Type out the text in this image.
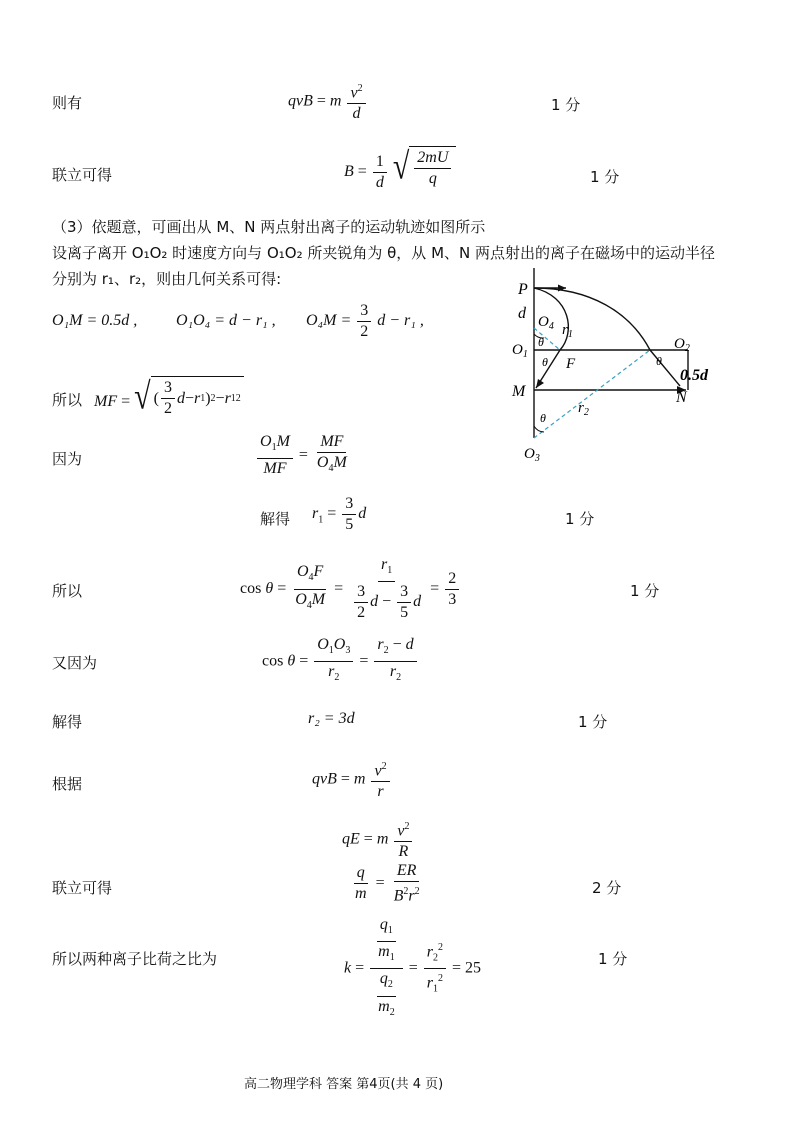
则有	qvB = m $\frac{v^2}{d}$	1 分
联立可得	$B = \frac{1}{d}$
√ $\frac{2mU}{q}$	1 分
（3）依题意，可画出从 M、N 两点射出离子的运动轨迹如图所示
设离子离开 O₁O₂ 时速度方向与 O₁O₂ 所夹锐角为 θ，从 M、N 两点射出的离子在磁场中的运动半径
分别为 r₁、r₂，则由几何关系可得:
O₁M = 0.5d , O₁O₄ = d − r₁ , $O_4M = \frac{3}{2}$ d − r₁ ,
所以 MF = √ ( $\frac{3}{2}$ d − r 1 ) 2 − r 1 2
因为	$\frac{O_1M}{MF} = \frac{MF}{O_4M}$
解得 $r_1 = \frac{3}{5}$ d	1 分
所以	$\cos \theta = \frac{O_4F}{O_4M} = \frac{r_1}{\frac{3}{2} d - \frac{3}{5} d} = \frac{2}{3}$	1 分
又因为	$\cos \theta = \frac{O_1O_3}{r_2} = \frac{r_2 - d}{r_2}$
解得	r₂ = 3d	1 分
根据	qvB = m $\frac{v^2}{r}$
qE = m $\frac{v^2}{R}$
联立可得	$\frac{q}{m} = \frac{ER}{B^2r^2}$	2 分
所以两种离子比荷之比为
$k = \frac{\frac{q_1}{m_1}}{\frac{q_2}{m_2}} = \frac{r_2^2}{r_1^2} = 25$
1 分
P
d $O_4$ $r_1$
$O_1$
$O_2$
θ
θ	θ
θ
F
0.5d
M	N
$r_2$
$O_3$
高二物理学科 答案 第4页(共 4 页)
